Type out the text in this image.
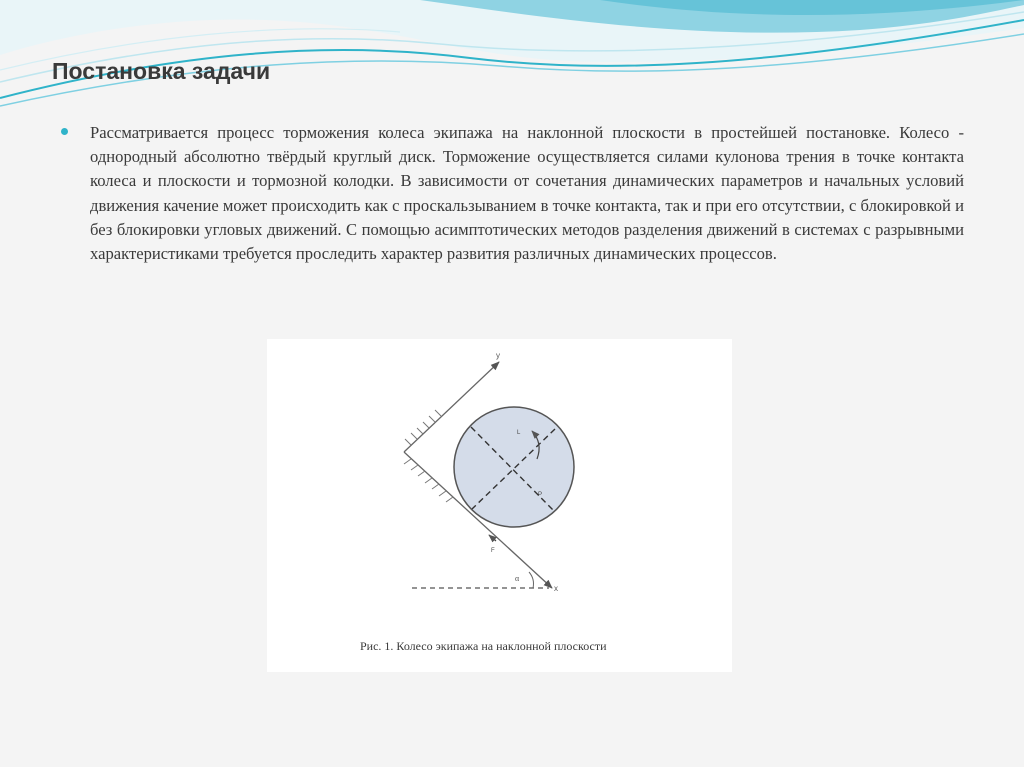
Постановка задачи

Рассматривается процесс торможения колеса экипажа на наклонной плоскости в простейшей постановке. Колесо - однородный абсолютно твёрдый круглый диск. Торможение осуществляется силами кулонова трения в точке контакта колеса и плоскости и тормозной колодки. В зависимости от сочетания динамических параметров и начальных условий движения качение может происходить как с проскальзыванием в точке контакта, так и при его отсутствии, с блокировкой и без блокировки угловых движений. С помощью асимптотических методов разделения движений в системах с разрывными характеристиками требуется проследить характер развития различных динамических процессов.

y
x
α
F
P
L
Рис. 1. Колесо экипажа на наклонной плоскости
